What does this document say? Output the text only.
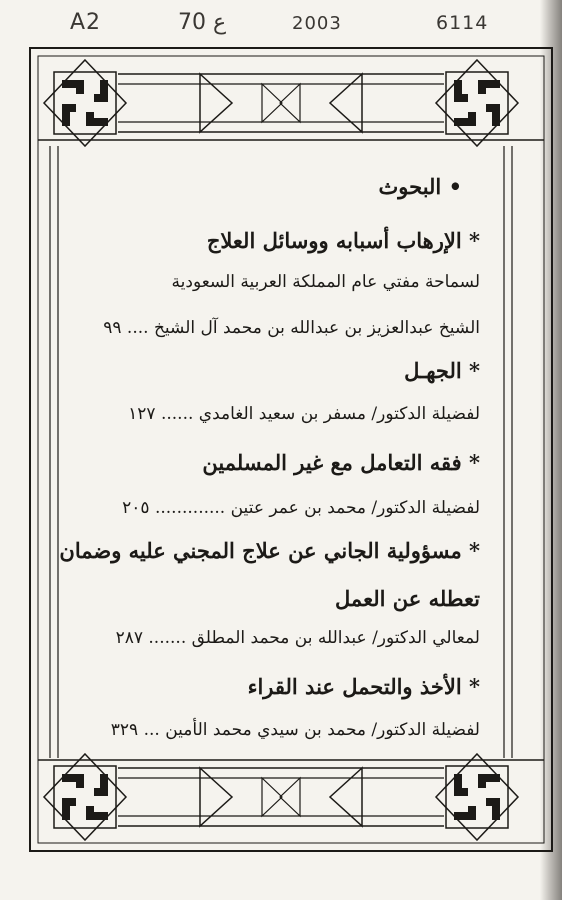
A2	70 ع	2003	6114
• البحوث
* الإرهاب أسبابه ووسائل العلاج
لسماحة مفتي عام المملكة العربية السعودية
الشيخ عبدالعزيز بن عبدالله بن محمد آل الشيخ .... ٩٩
* الجهـل
لفضيلة الدكتور/ مسفر بن سعيد الغامدي ...... ١٢٧
* فقه التعامل مع غير المسلمين
لفضيلة الدكتور/ محمد بن عمر عتين ............. ٢٠٥
* مسؤولية الجاني عن علاج المجني عليه وضمان
تعطله عن العمل
لمعالي الدكتور/ عبدالله بن محمد المطلق ....... ٢٨٧
* الأخذ والتحمل عند القراء
لفضيلة الدكتور/ محمد بن سيدي محمد الأمين ... ٣٢٩
